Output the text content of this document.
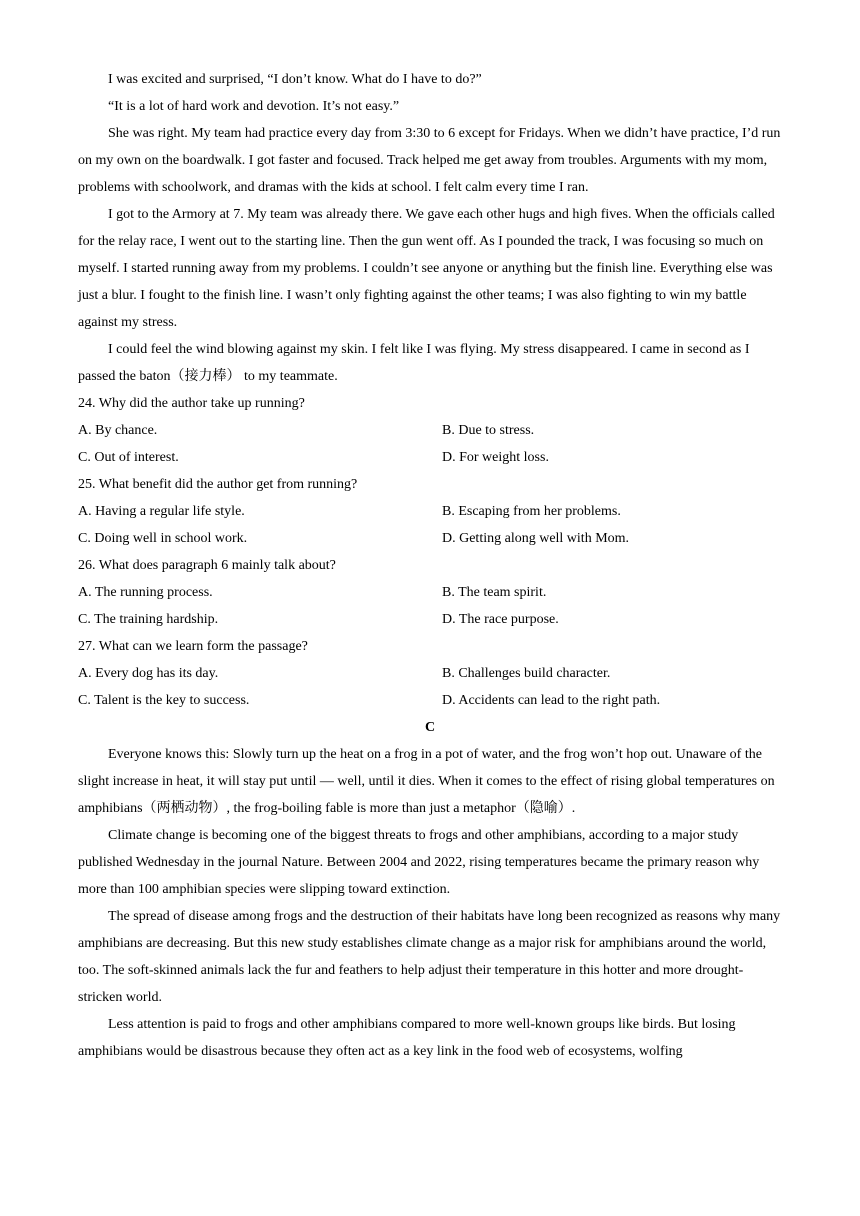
I was excited and surprised, “I don’t know. What do I have to do?”

“It is a lot of hard work and devotion. It’s not easy.”

She was right. My team had practice every day from 3:30 to 6 except for Fridays. When we didn’t have practice, I’d run on my own on the boardwalk. I got faster and focused. Track helped me get away from troubles. Arguments with my mom, problems with schoolwork, and dramas with the kids at school. I felt calm every time I ran.

I got to the Armory at 7. My team was already there. We gave each other hugs and high fives. When the officials called for the relay race, I went out to the starting line. Then the gun went off. As I pounded the track, I was focusing so much on myself. I started running away from my problems. I couldn’t see anyone or anything but the finish line. Everything else was just a blur. I fought to the finish line. I wasn’t only fighting against the other teams; I was also fighting to win my battle against my stress.

I could feel the wind blowing against my skin. I felt like I was flying. My stress disappeared. I came in second as I passed the baton（接力棒） to my teammate.

24. Why did the author take up running?

A. By chance.	B. Due to stress.
C. Out of interest.	D. For weight loss.

25. What benefit did the author get from running?

A. Having a regular life style.	B. Escaping from her problems.
C. Doing well in school work.	D. Getting along well with Mom.

26. What does paragraph 6 mainly talk about?

A. The running process.	B. The team spirit.
C. The training hardship.	D. The race purpose.

27. What can we learn form the passage?

A. Every dog has its day.	B. Challenges build character.
C. Talent is the key to success.	D. Accidents can lead to the right path.
C

Everyone knows this: Slowly turn up the heat on a frog in a pot of water, and the frog won’t hop out. Unaware of the slight increase in heat, it will stay put until — well, until it dies. When it comes to the effect of rising global temperatures on amphibians（两栖动物）, the frog-boiling fable is more than just a metaphor（隐喻）.

Climate change is becoming one of the biggest threats to frogs and other amphibians, according to a major study published Wednesday in the journal Nature. Between 2004 and 2022, rising temperatures became the primary reason why more than 100 amphibian species were slipping toward extinction.

The spread of disease among frogs and the destruction of their habitats have long been recognized as reasons why many amphibians are decreasing. But this new study establishes climate change as a major risk for amphibians around the world, too. The soft-skinned animals lack the fur and feathers to help adjust their temperature in this hotter and more drought-stricken world.

Less attention is paid to frogs and other amphibians compared to more well-known groups like birds. But losing amphibians would be disastrous because they often act as a key link in the food web of ecosystems, wolfing
